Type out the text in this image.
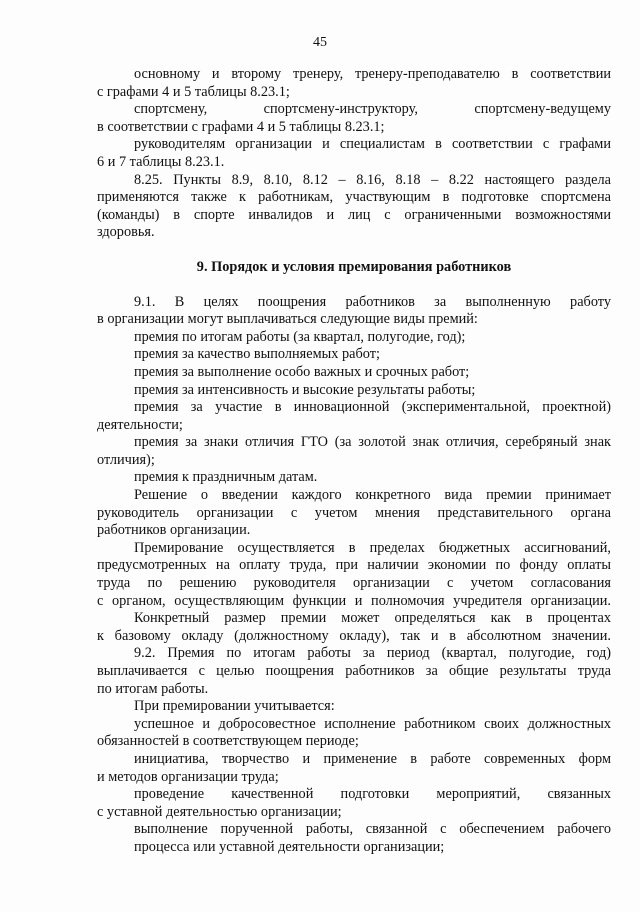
45
основному и второму тренеру, тренеру-преподавателю в соответствии
с графами 4 и 5 таблицы 8.23.1;
спортсмену, спортсмену-инструктору, спортсмену-ведущему
в соответствии с графами 4 и 5 таблицы 8.23.1;
руководителям организации и специалистам в соответствии с графами
6 и 7 таблицы 8.23.1.
8.25. Пункты 8.9, 8.10, 8.12 – 8.16, 8.18 – 8.22 настоящего раздела
применяются также к работникам, участвующим в подготовке спортсмена
(команды) в спорте инвалидов и лиц с ограниченными возможностями
здоровья.
9. Порядок и условия премирования работников
9.1. В целях поощрения работников за выполненную работу
в организации могут выплачиваться следующие виды премий:
премия по итогам работы (за квартал, полугодие, год);
премия за качество выполняемых работ;
премия за выполнение особо важных и срочных работ;
премия за интенсивность и высокие результаты работы;
премия за участие в инновационной (экспериментальной, проектной)
деятельности;
премия за знаки отличия ГТО (за золотой знак отличия, серебряный знак
отличия);
премия к праздничным датам.
Решение о введении каждого конкретного вида премии принимает
руководитель организации с учетом мнения представительного органа
работников организации.
Премирование осуществляется в пределах бюджетных ассигнований,
предусмотренных на оплату труда, при наличии экономии по фонду оплаты
труда по решению руководителя организации с учетом согласования
с органом, осуществляющим функции и полномочия учредителя организации.
Конкретный размер премии может определяться как в процентах
к базовому окладу (должностному окладу), так и в абсолютном значении.
9.2. Премия по итогам работы за период (квартал, полугодие, год)
выплачивается с целью поощрения работников за общие результаты труда
по итогам работы.
При премировании учитывается:
успешное и добросовестное исполнение работником своих должностных
обязанностей в соответствующем периоде;
инициатива, творчество и применение в работе современных форм
и методов организации труда;
проведение качественной подготовки мероприятий, связанных
с уставной деятельностью организации;
выполнение порученной работы, связанной с обеспечением рабочего
процесса или уставной деятельности организации;
